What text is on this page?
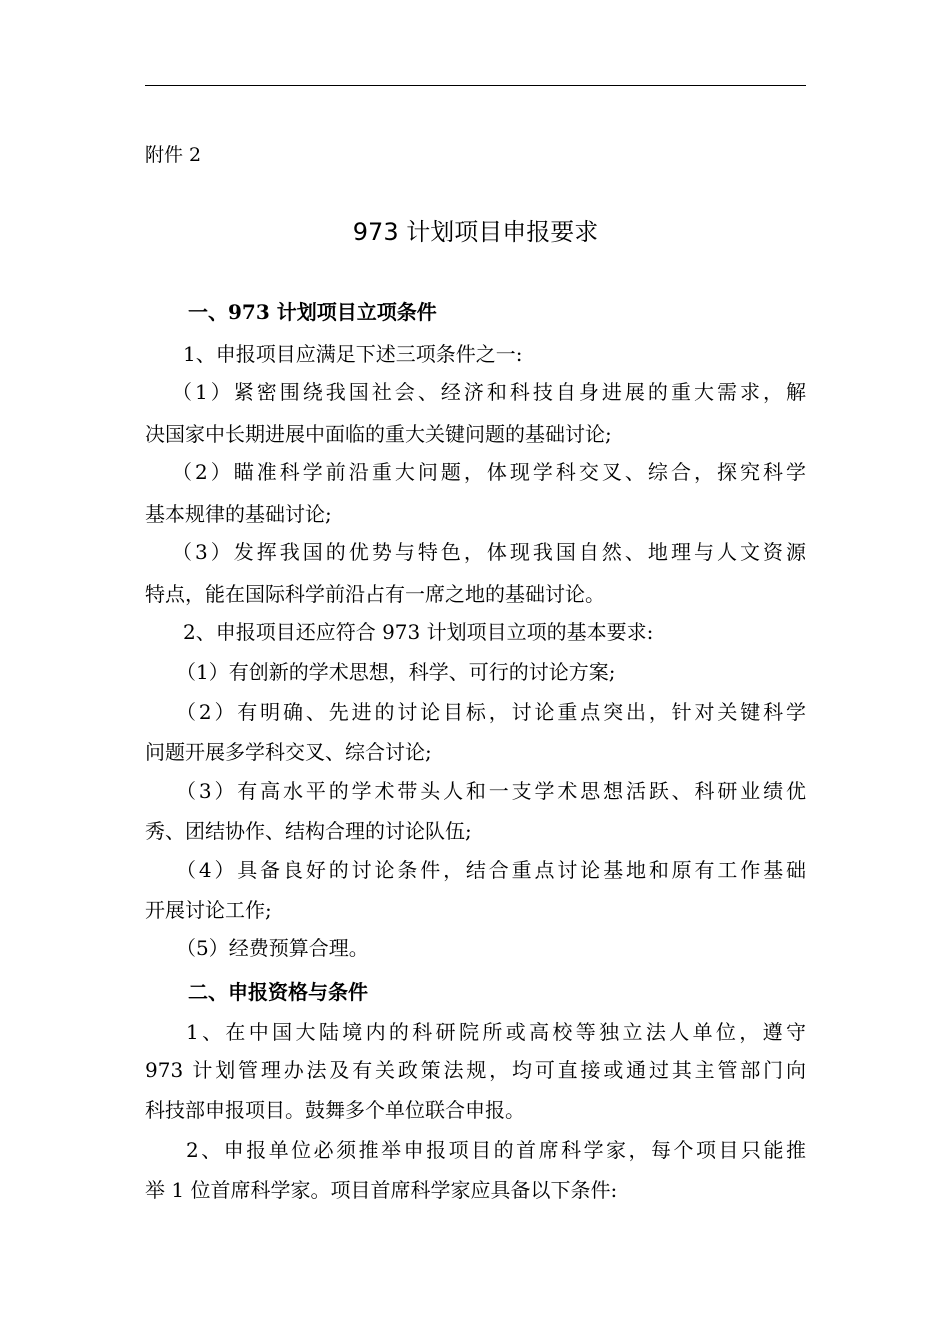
附件 2
973 计划项目申报要求
一、973 计划项目立项条件
1、申报项目应满足下述三项条件之一:
（1）紧密围绕我国社会、经济和科技自身进展的重大需求，解
决国家中长期进展中面临的重大关键问题的基础讨论;
（2）瞄准科学前沿重大问题，体现学科交叉、综合，探究科学
基本规律的基础讨论;
（3）发挥我国的优势与特色，体现我国自然、地理与人文资源
特点，能在国际科学前沿占有一席之地的基础讨论。
2、申报项目还应符合 973 计划项目立项的基本要求:
（1）有创新的学术思想，科学、可行的讨论方案;
（2）有明确、先进的讨论目标，讨论重点突出，针对关键科学
问题开展多学科交叉、综合讨论;
（3）有高水平的学术带头人和一支学术思想活跃、科研业绩优
秀、团结协作、结构合理的讨论队伍;
（4）具备良好的讨论条件，结合重点讨论基地和原有工作基础
开展讨论工作;
（5）经费预算合理。
二、申报资格与条件
1、在中国大陆境内的科研院所或高校等独立法人单位，遵守
973 计划管理办法及有关政策法规，均可直接或通过其主管部门向
科技部申报项目。鼓舞多个单位联合申报。
2、申报单位必须推举申报项目的首席科学家，每个项目只能推
举 1 位首席科学家。项目首席科学家应具备以下条件:
